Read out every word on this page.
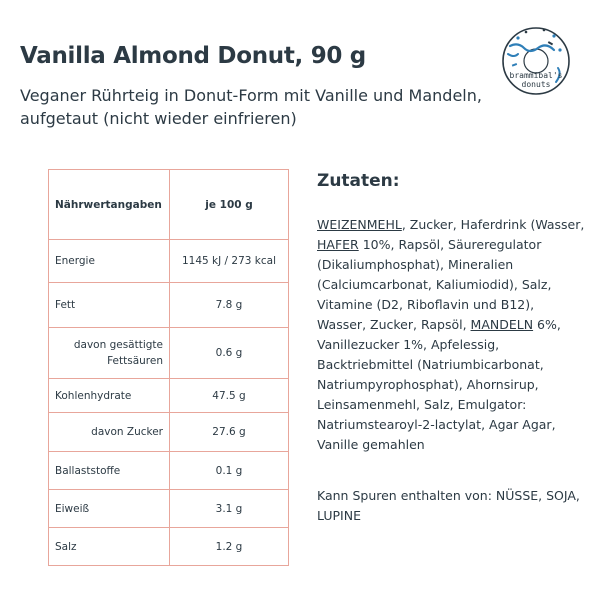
Vanilla Almond Donut, 90 g
Veganer Rührteig in Donut-Form mit Vanille und Mandeln, aufgetaut (nicht wieder einfrieren)
brammibal's
donuts
Nährwertangaben	je 100 g
Energie	1145 kJ / 273 kcal
Fett	7.8 g
davon gesättigte Fettsäuren	0.6 g
Kohlenhydrate	47.5 g
davon Zucker	27.6 g
Ballaststoffe	0.1 g
Eiweiß	3.1 g
Salz	1.2 g
Zutaten:
WEIZENMEHL, Zucker, Haferdrink (Wasser, HAFER 10%, Rapsöl, Säureregulator (Dikaliumphosphat), Mineralien (Calciumcarbonat, Kaliumiodid), Salz, Vitamine (D2, Riboflavin und B12), Wasser, Zucker, Rapsöl, MANDELN 6%, Vanillezucker 1%, Apfelessig, Backtriebmittel (Natriumbicarbonat, Natriumpyrophosphat), Ahornsirup, Leinsamenmehl, Salz, Emulgator: Natriumstearoyl-2-lactylat, Agar Agar, Vanille gemahlen
Kann Spuren enthalten von: NÜSSE, SOJA, LUPINE
